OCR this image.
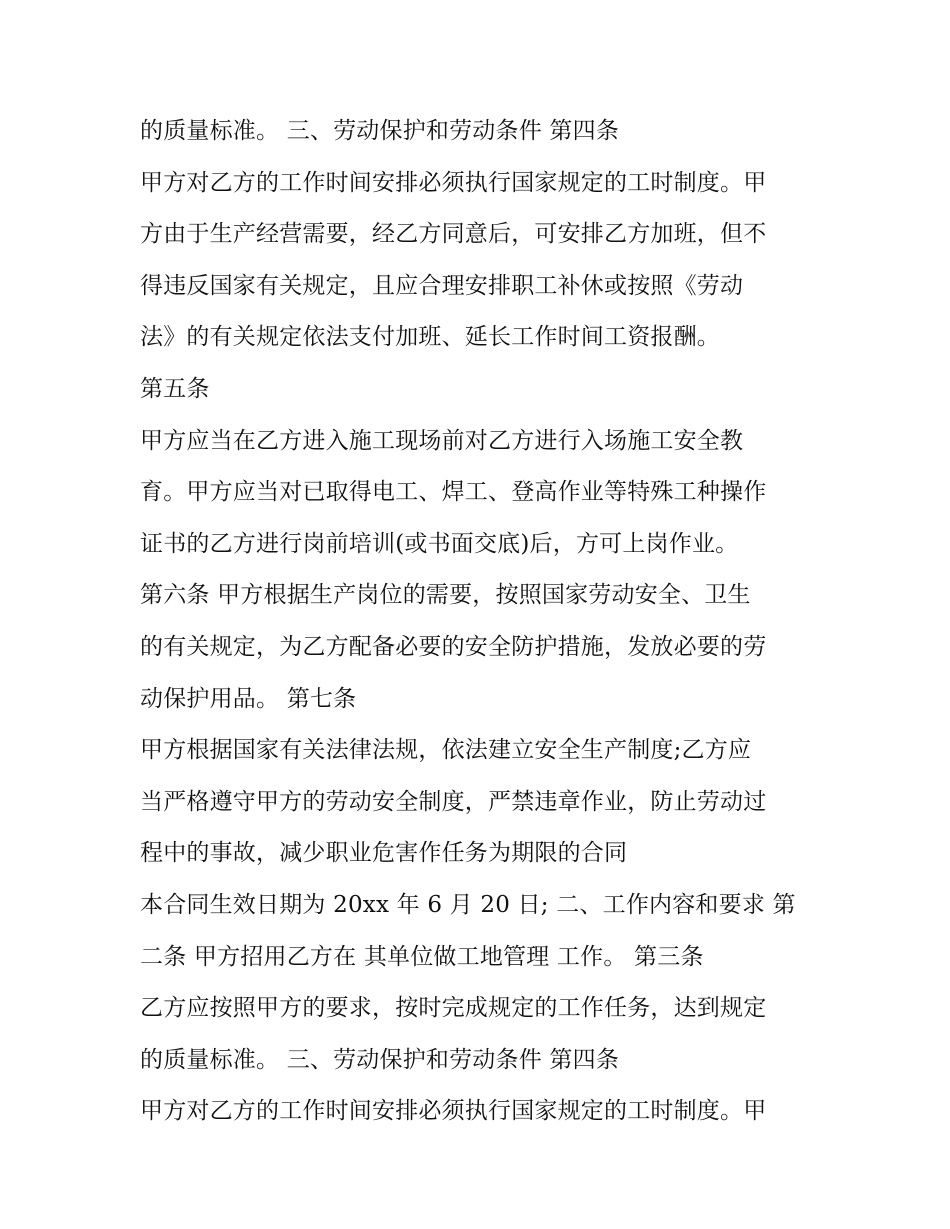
的质量标准。 三、劳动保护和劳动条件 第四条
甲方对乙方的工作时间安排必须执行国家规定的工时制度。甲
方由于生产经营需要，经乙方同意后，可安排乙方加班，但不
得违反国家有关规定，且应合理安排职工补休或按照《劳动
法》的有关规定依法支付加班、延长工作时间工资报酬。
第五条
甲方应当在乙方进入施工现场前对乙方进行入场施工安全教
育。甲方应当对已取得电工、焊工、登高作业等特殊工种操作
证书的乙方进行岗前培训(或书面交底)后，方可上岗作业。
第六条 甲方根据生产岗位的需要，按照国家劳动安全、卫生
的有关规定，为乙方配备必要的安全防护措施，发放必要的劳
动保护用品。 第七条
甲方根据国家有关法律法规，依法建立安全生产制度;乙方应
当严格遵守甲方的劳动安全制度，严禁违章作业，防止劳动过
程中的事故，减少职业危害作任务为期限的合同
本合同生效日期为 20xx 年 6 月 20 日; 二、工作内容和要求 第
二条 甲方招用乙方在 其单位做工地管理 工作。 第三条
乙方应按照甲方的要求，按时完成规定的工作任务，达到规定
的质量标准。 三、劳动保护和劳动条件 第四条
甲方对乙方的工作时间安排必须执行国家规定的工时制度。甲
